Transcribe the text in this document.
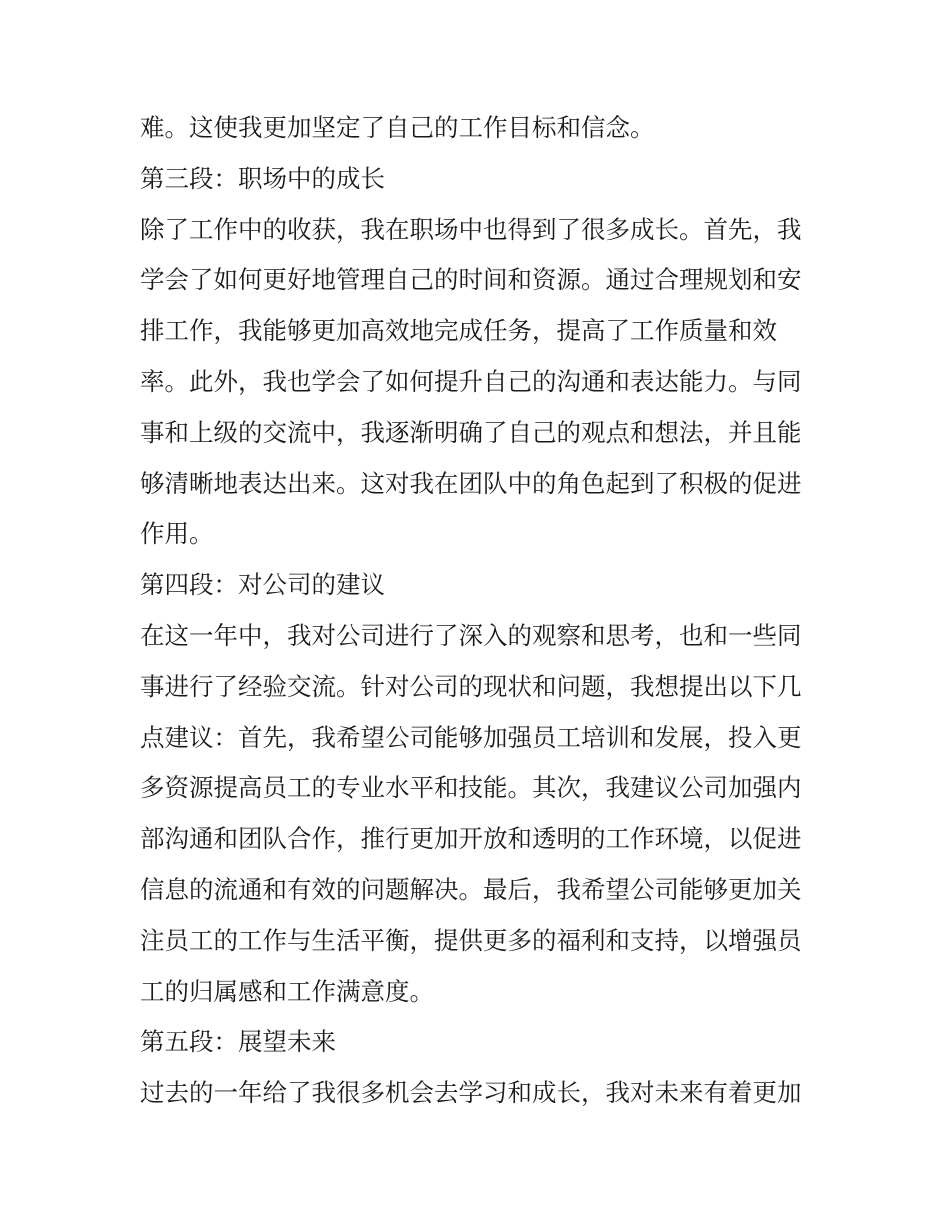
难。这使我更加坚定了自己的工作目标和信念。
第三段：职场中的成长
除了工作中的收获，我在职场中也得到了很多成长。首先，我
学会了如何更好地管理自己的时间和资源。通过合理规划和安
排工作，我能够更加高效地完成任务，提高了工作质量和效
率。此外，我也学会了如何提升自己的沟通和表达能力。与同
事和上级的交流中，我逐渐明确了自己的观点和想法，并且能
够清晰地表达出来。这对我在团队中的角色起到了积极的促进
作用。
第四段：对公司的建议
在这一年中，我对公司进行了深入的观察和思考，也和一些同
事进行了经验交流。针对公司的现状和问题，我想提出以下几
点建议：首先，我希望公司能够加强员工培训和发展，投入更
多资源提高员工的专业水平和技能。其次，我建议公司加强内
部沟通和团队合作，推行更加开放和透明的工作环境，以促进
信息的流通和有效的问题解决。最后，我希望公司能够更加关
注员工的工作与生活平衡，提供更多的福利和支持，以增强员
工的归属感和工作满意度。
第五段：展望未来
过去的一年给了我很多机会去学习和成长，我对未来有着更加
